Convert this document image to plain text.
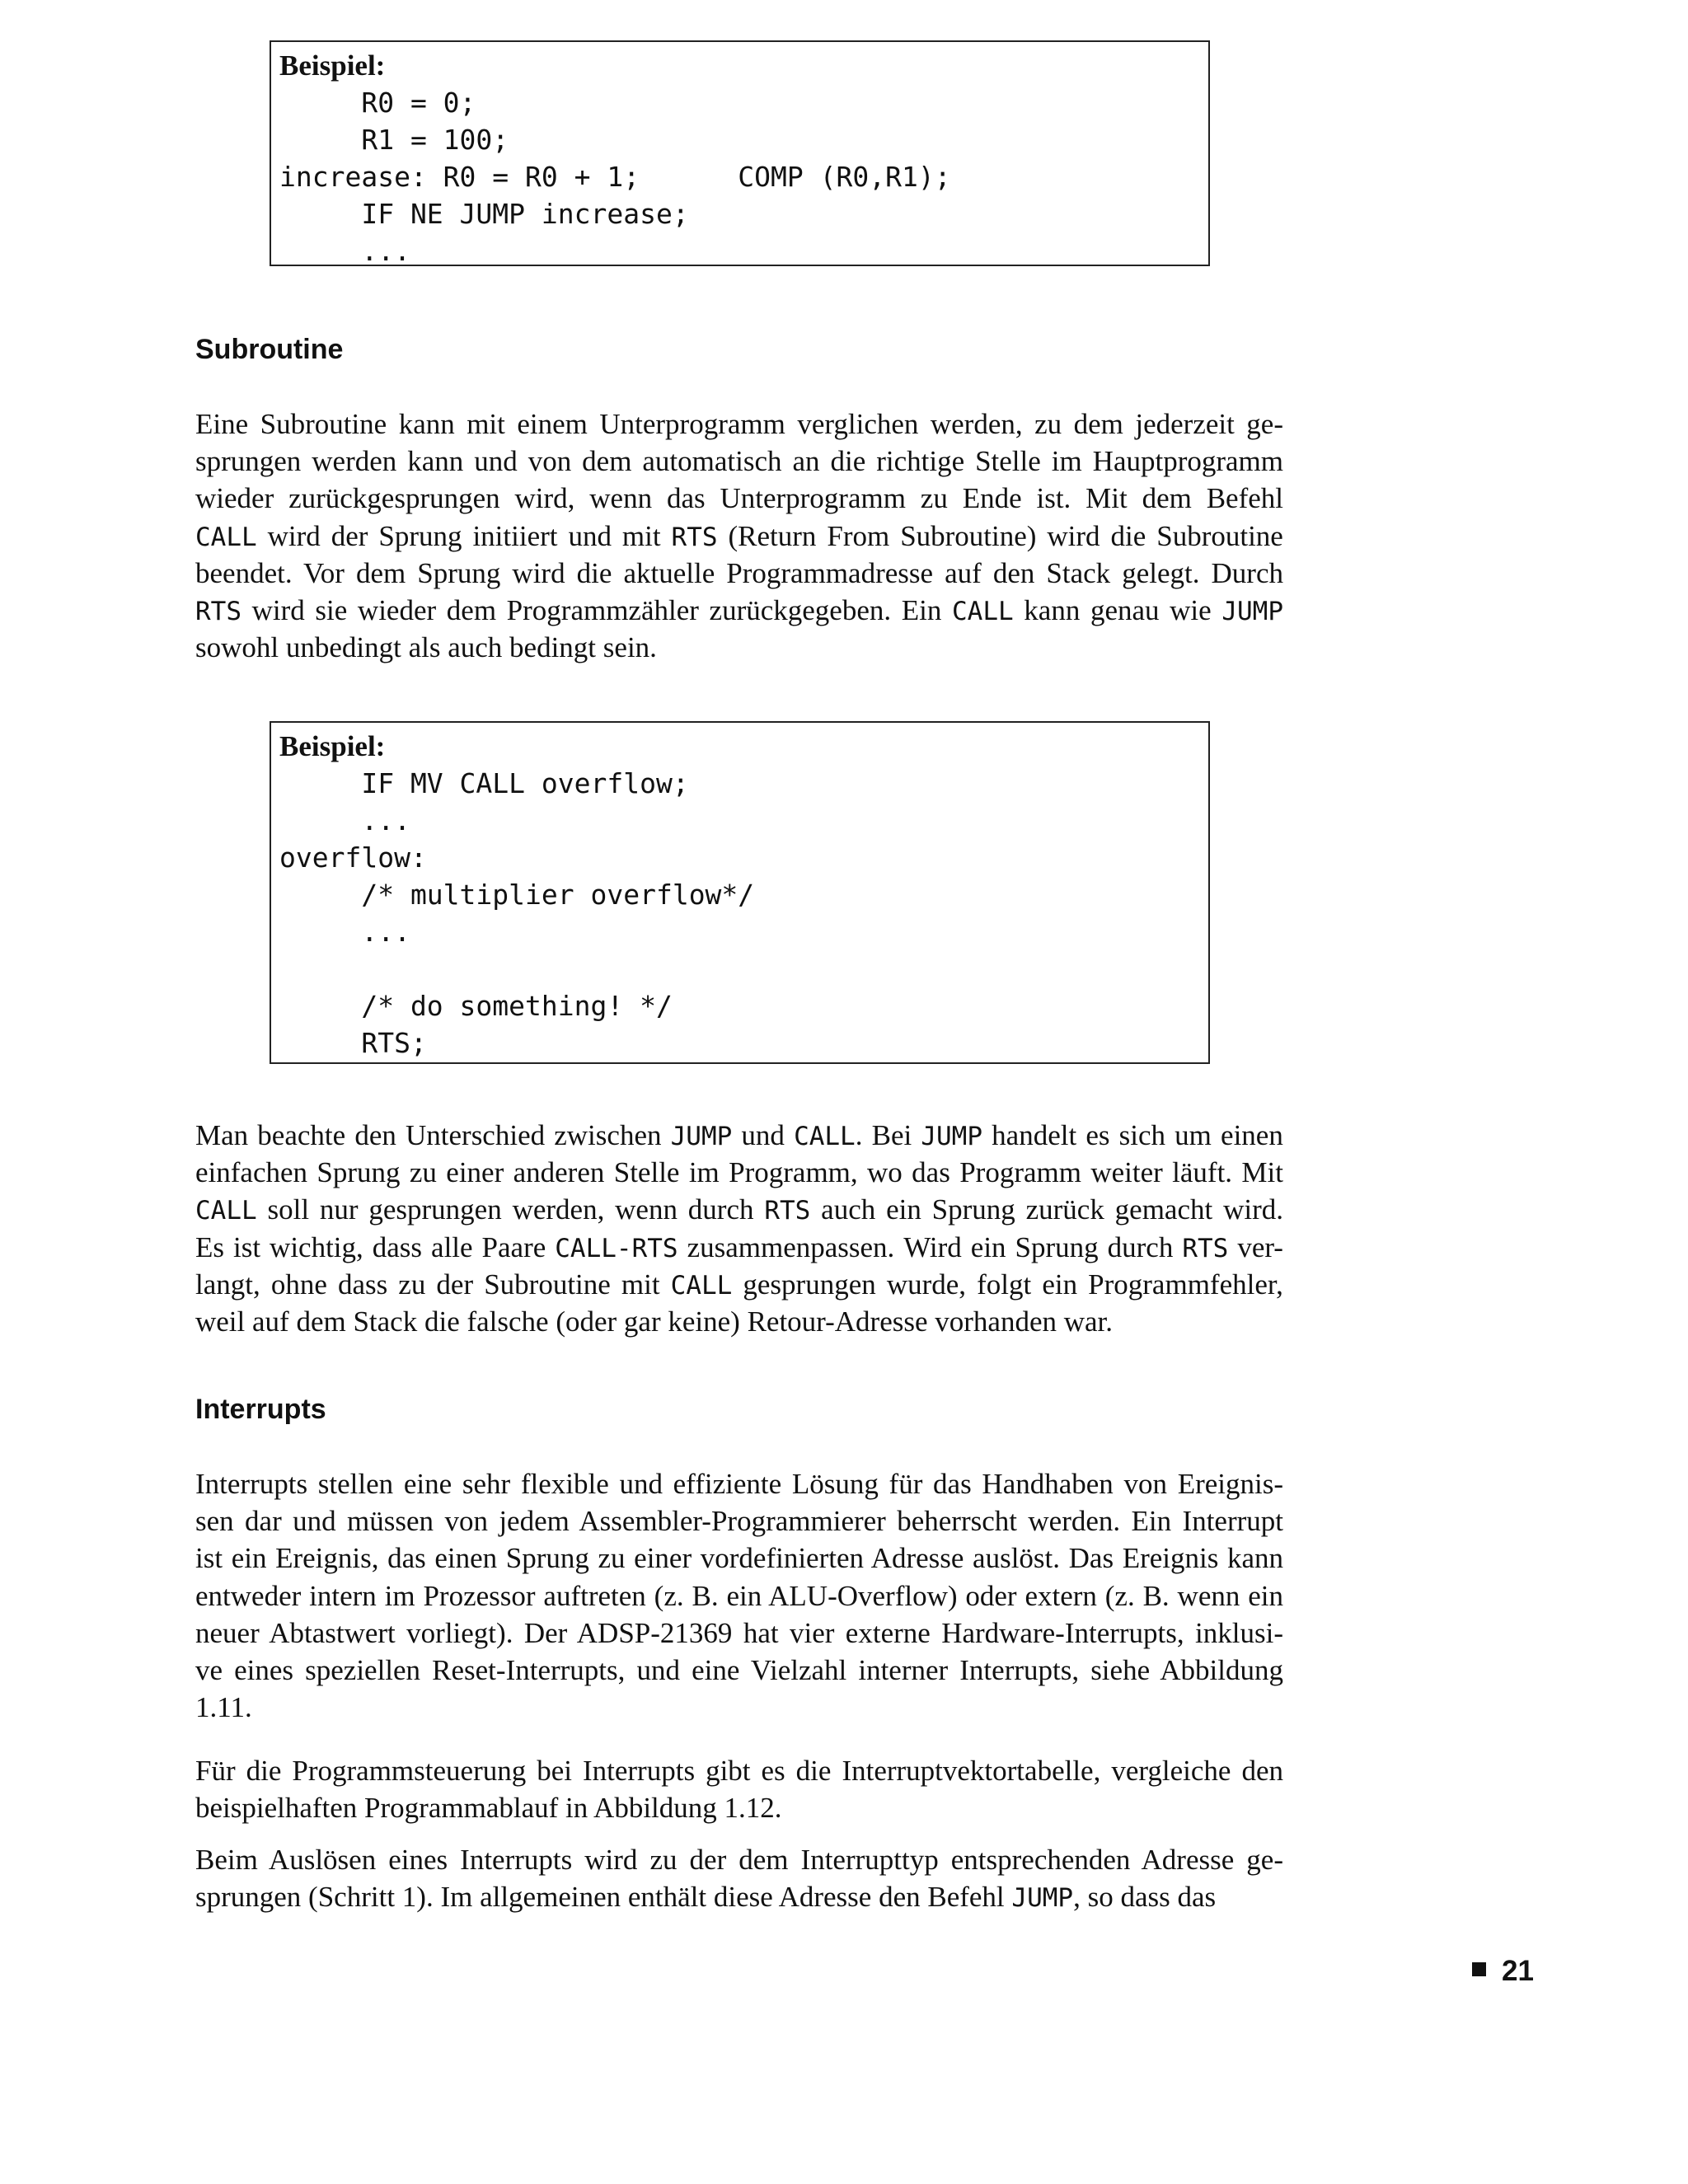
Beispiel:
R0 = 0;
R1 = 100;
increase: R0 = R0 + 1;      COMP (R0,R1);
IF NE JUMP increase;
...
Subroutine
Eine Subroutine kann mit einem Unterprogramm verglichen werden, zu dem jederzeit ge-
sprungen werden kann und von dem automatisch an die richtige Stelle im Hauptprogramm
wieder zurückgesprungen wird, wenn das Unterprogramm zu Ende ist. Mit dem Befehl
CALL wird der Sprung initiiert und mit RTS (Return From Subroutine) wird die Subroutine
beendet. Vor dem Sprung wird die aktuelle Programmadresse auf den Stack gelegt. Durch
RTS wird sie wieder dem Programmzähler zurückgegeben. Ein CALL kann genau wie JUMP
sowohl unbedingt als auch bedingt sein.
Beispiel:
IF MV CALL overflow;
...
overflow:
/* multiplier overflow*/
...
/* do something! */
RTS;
Man beachte den Unterschied zwischen JUMP und CALL. Bei JUMP handelt es sich um einen
einfachen Sprung zu einer anderen Stelle im Programm, wo das Programm weiter läuft. Mit
CALL soll nur gesprungen werden, wenn durch RTS auch ein Sprung zurück gemacht wird.
Es ist wichtig, dass alle Paare CALL-RTS zusammenpassen. Wird ein Sprung durch RTS ver-
langt, ohne dass zu der Subroutine mit CALL gesprungen wurde, folgt ein Programmfehler,
weil auf dem Stack die falsche (oder gar keine) Retour-Adresse vorhanden war.
Interrupts
Interrupts stellen eine sehr flexible und effiziente Lösung für das Handhaben von Ereignis-
sen dar und müssen von jedem Assembler-Programmierer beherrscht werden. Ein Interrupt
ist ein Ereignis, das einen Sprung zu einer vordefinierten Adresse auslöst. Das Ereignis kann
entweder intern im Prozessor auftreten (z. B. ein ALU-Overflow) oder extern (z. B. wenn ein
neuer Abtastwert vorliegt). Der ADSP-21369 hat vier externe Hardware-Interrupts, inklusi-
ve eines speziellen Reset-Interrupts, und eine Vielzahl interner Interrupts, siehe Abbildung
1.11.
Für die Programmsteuerung bei Interrupts gibt es die Interruptvektortabelle, vergleiche den
beispielhaften Programmablauf in Abbildung 1.12.
Beim Auslösen eines Interrupts wird zu der dem Interrupttyp entsprechenden Adresse ge-
sprungen (Schritt 1). Im allgemeinen enthält diese Adresse den Befehl JUMP, so dass das
21
